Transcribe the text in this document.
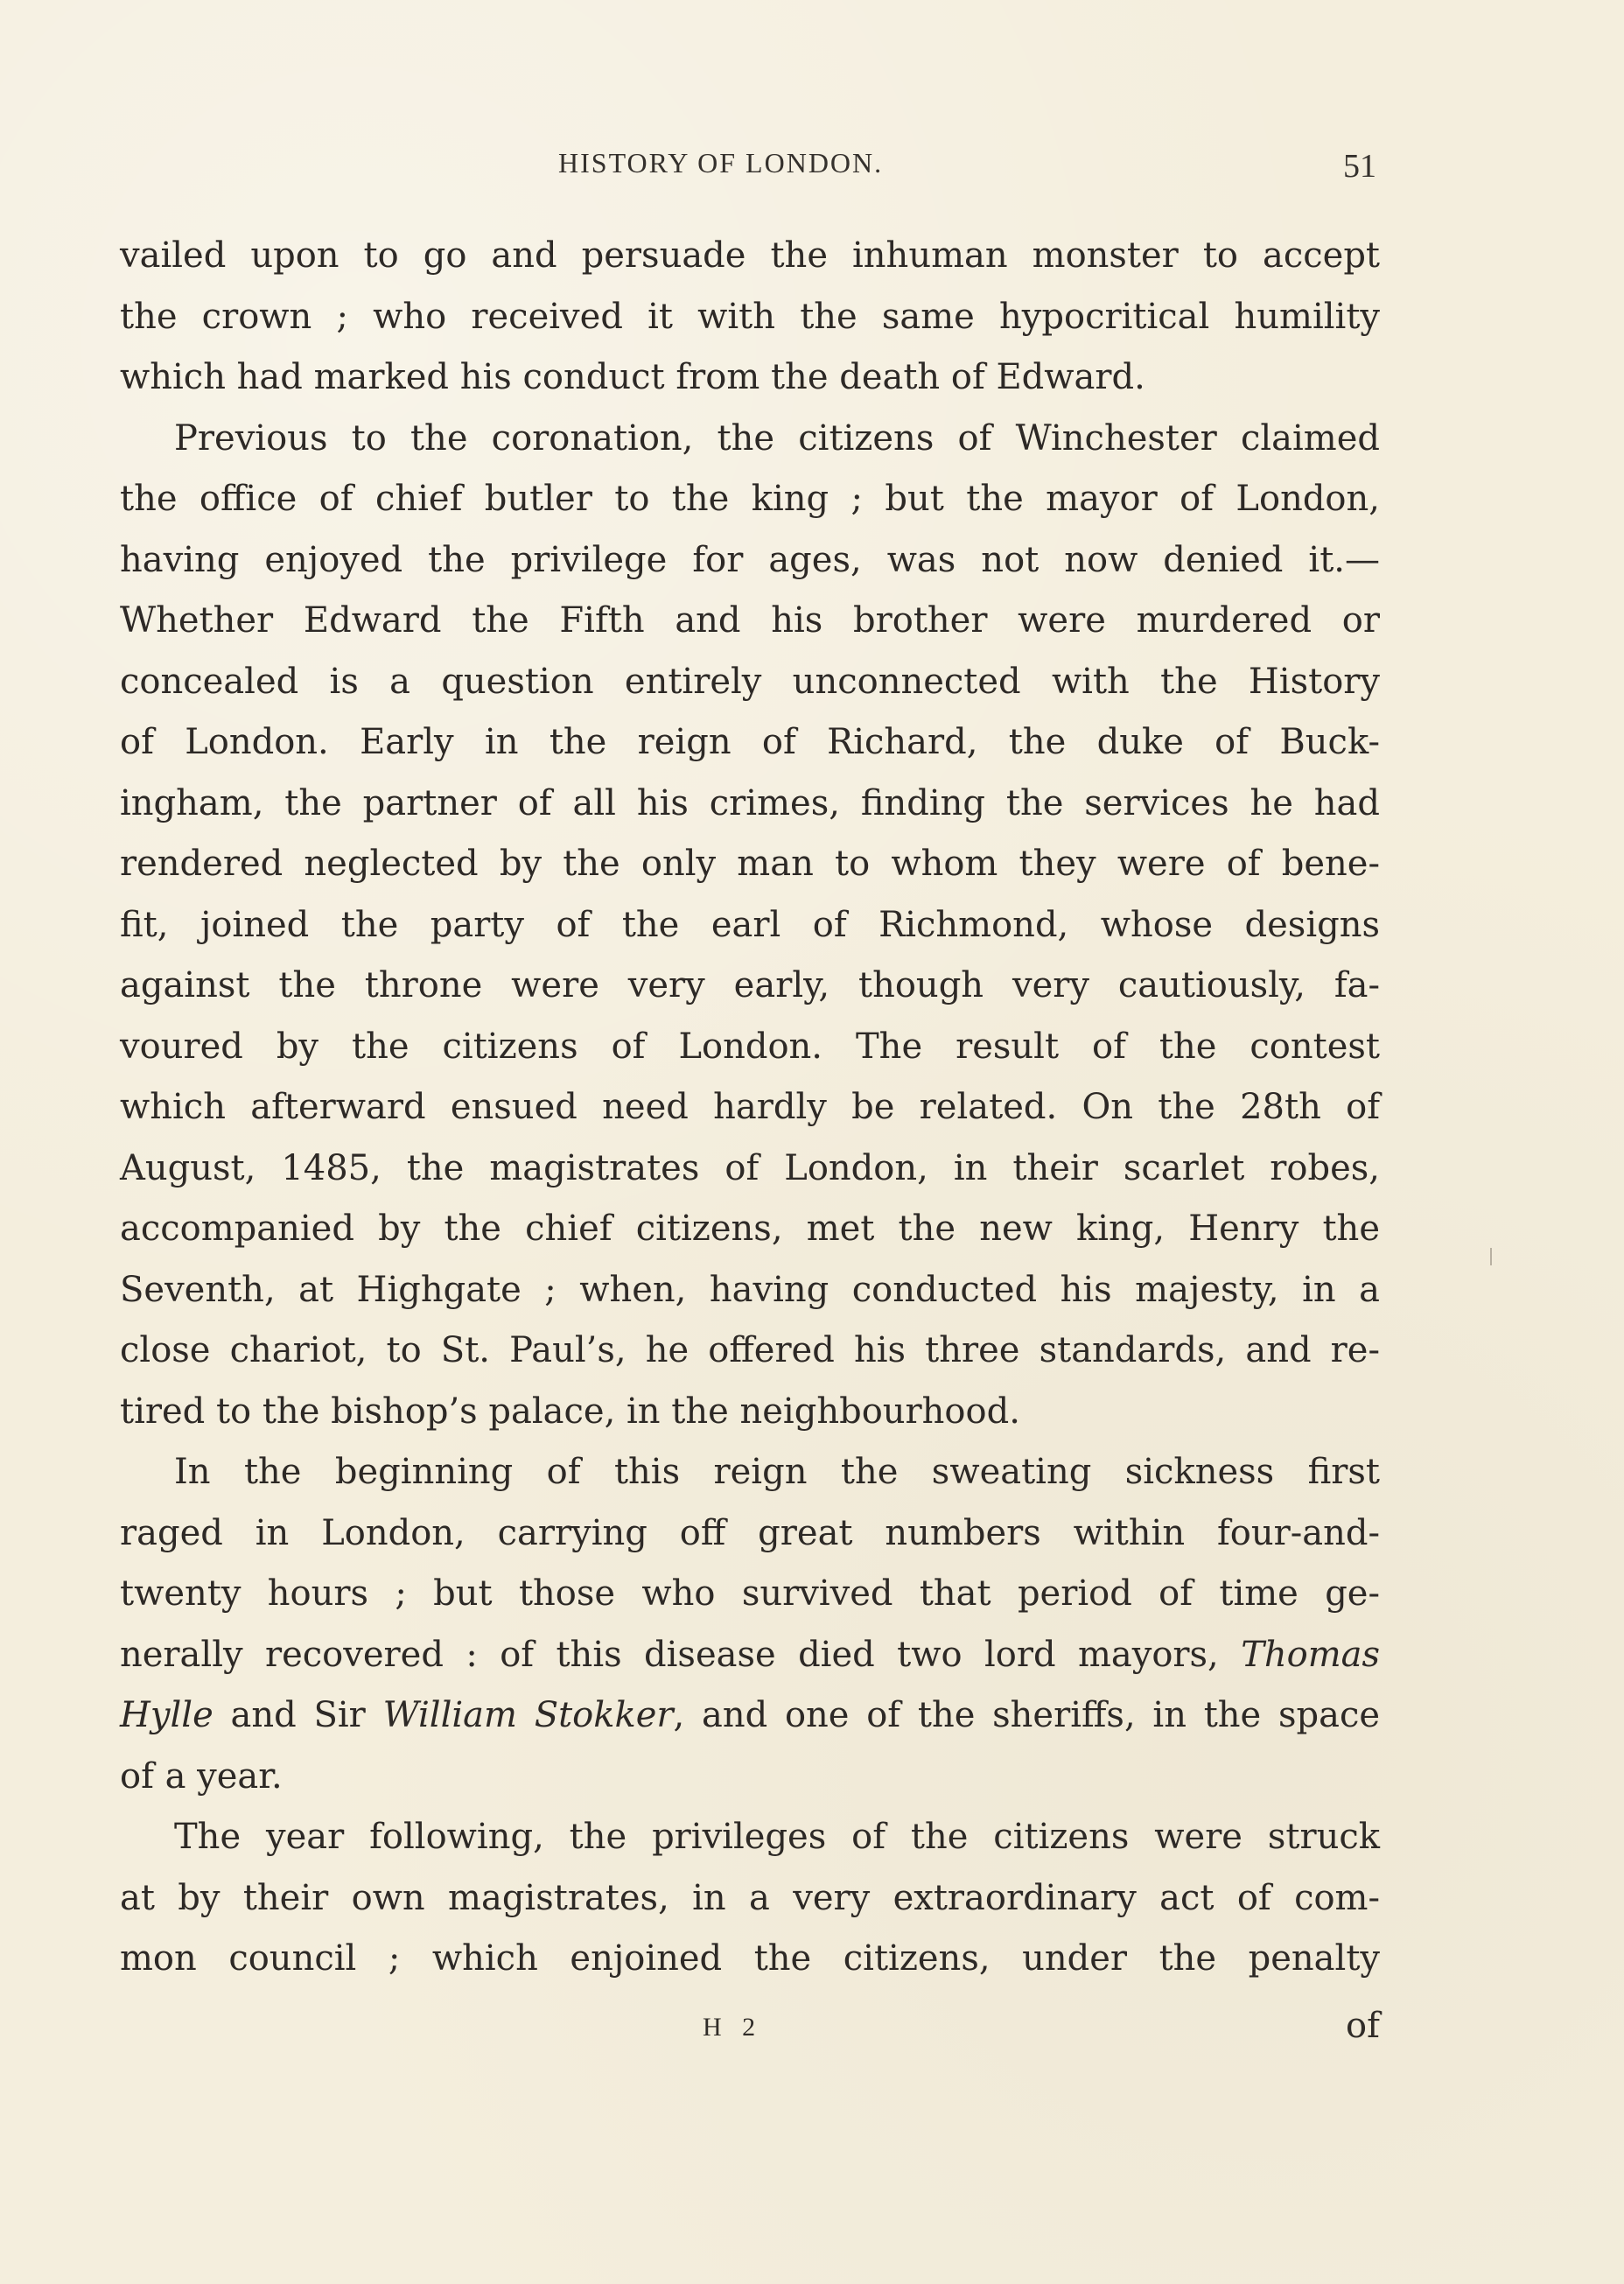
HISTORY OF LONDON.	51
vailed upon to go and persuade the inhuman monster to accept
the crown ; who received it with the same hypocritical humility
which had marked his conduct from the death of Edward.
Previous to the coronation, the citizens of Winchester claimed
the office of chief butler to the king ; but the mayor of London,
having enjoyed the privilege for ages, was not now denied it.—
Whether Edward the Fifth and his brother were murdered or
concealed is a question entirely unconnected with the History
of London. Early in the reign of Richard, the duke of Buck-
ingham, the partner of all his crimes, finding the services he had
rendered neglected by the only man to whom they were of bene-
fit, joined the party of the earl of Richmond, whose designs
against the throne were very early, though very cautiously, fa-
voured by the citizens of London. The result of the contest
which afterward ensued need hardly be related. On the 28th of
August, 1485, the magistrates of London, in their scarlet robes,
accompanied by the chief citizens, met the new king, Henry the
Seventh, at Highgate ; when, having conducted his majesty, in a
close chariot, to St. Paul’s, he offered his three standards, and re-
tired to the bishop’s palace, in the neighbourhood.
In the beginning of this reign the sweating sickness first
raged in London, carrying off great numbers within four-and-
twenty hours ; but those who survived that period of time ge-
nerally recovered : of this disease died two lord mayors, Thomas
Hylle and Sir William Stokker, and one of the sheriffs, in the space
of a year.
The year following, the privileges of the citizens were struck
at by their own magistrates, in a very extraordinary act of com-
mon council ; which enjoined the citizens, under the penalty
H 2	of
